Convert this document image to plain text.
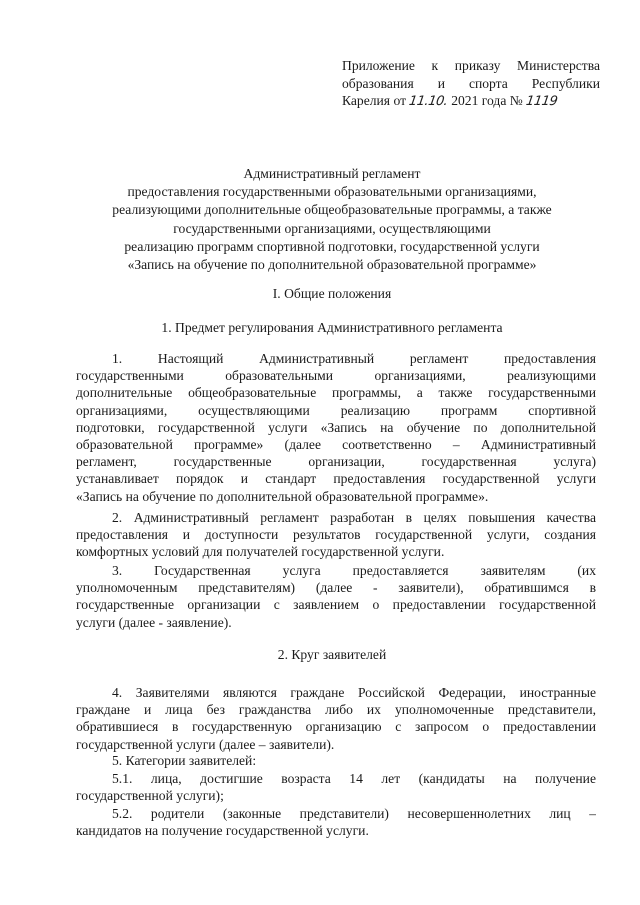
Приложение к приказу Министерства
образования и спорта Республики
Карелия от 11.10. 2021 года № 1119
Административный регламент
предоставления государственными образовательными организациями,
реализующими дополнительные общеобразовательные программы, а также
государственными организациями, осуществляющими
реализацию программ спортивной подготовки, государственной услуги
«Запись на обучение по дополнительной образовательной программе»
I. Общие положения
1. Предмет регулирования Административного регламента

1. Настоящий Административный регламент предоставления
государственными образовательными организациями, реализующими
дополнительные общеобразовательные программы, а также государственными
организациями, осуществляющими реализацию программ спортивной
подготовки, государственной услуги «Запись на обучение по дополнительной
образовательной программе» (далее соответственно – Административный
регламент, государственные организации, государственная услуга)
устанавливает порядок и стандарт предоставления государственной услуги
«Запись на обучение по дополнительной образовательной программе».

2. Административный регламент разработан в целях повышения качества
предоставления и доступности результатов государственной услуги, создания
комфортных условий для получателей государственной услуги.

3. Государственная услуга предоставляется заявителям (их
уполномоченным представителям) (далее - заявители), обратившимся в
государственные организации с заявлением о предоставлении государственной
услуги (далее - заявление).

2. Круг заявителей

4. Заявителями являются граждане Российской Федерации, иностранные
граждане и лица без гражданства либо их уполномоченные представители,
обратившиеся в государственную организацию с запросом о предоставлении
государственной услуги (далее – заявители).

5. Категории заявителей:

5.1. лица, достигшие возраста 14 лет (кандидаты на получение
государственной услуги);

5.2. родители (законные представители) несовершеннолетних лиц –
кандидатов на получение государственной услуги.
